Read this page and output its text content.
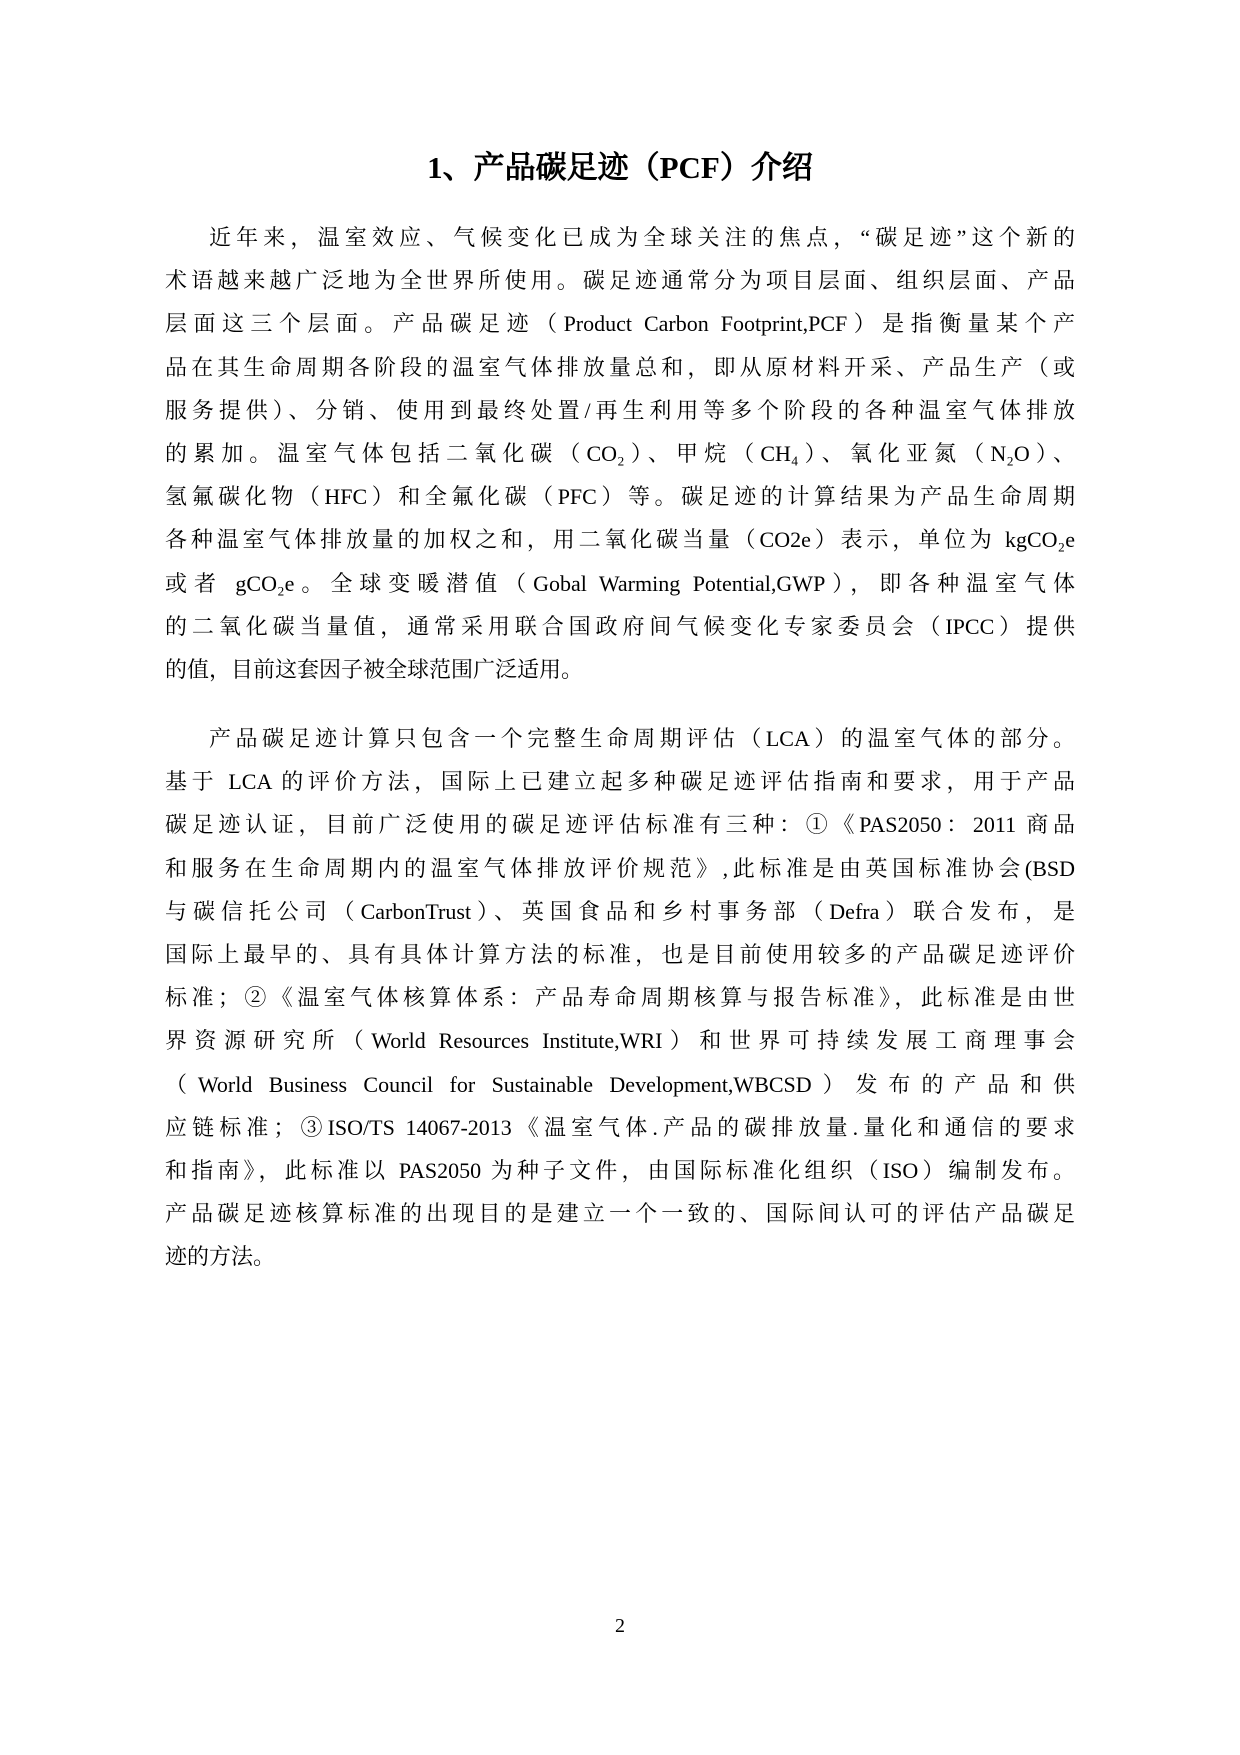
1、产品碳足迹（PCF）介绍
近年来，温室效应、气候变化已成为全球关注的焦点，“碳足迹”这个新的
术语越来越广泛地为全世界所使用。碳足迹通常分为项目层面、组织层面、产品
层面这三个层面。产品碳足迹（Product Carbon Footprint,PCF）是指衡量某个产
品在其生命周期各阶段的温室气体排放量总和，即从原材料开采、产品生产（或
服务提供）、分销、使用到最终处置/再生利用等多个阶段的各种温室气体排放
的累加。温室气体包括二氧化碳（CO₂）、甲烷（CH₄）、氧化亚氮（N₂O）、
氢氟碳化物（HFC）和全氟化碳（PFC）等。碳足迹的计算结果为产品生命周期
各种温室气体排放量的加权之和，用二氧化碳当量（CO2e）表示，单位为 kgCO₂e
或者 gCO₂e。全球变暖潜值（Gobal Warming Potential,GWP），即各种温室气体
的二氧化碳当量值，通常采用联合国政府间气候变化专家委员会（IPCC）提供
的值，目前这套因子被全球范围广泛适用。
产品碳足迹计算只包含一个完整生命周期评估（LCA）的温室气体的部分。
基于 LCA 的评价方法，国际上已建立起多种碳足迹评估指南和要求，用于产品
碳足迹认证，目前广泛使用的碳足迹评估标准有三种：①《PAS2050：2011 商品
和服务在生命周期内的温室气体排放评价规范》,此标准是由英国标准协会(BSD
与碳信托公司（CarbonTrust）、英国食品和乡村事务部（Defra）联合发布，是
国际上最早的、具有具体计算方法的标准，也是目前使用较多的产品碳足迹评价
标准；②《温室气体核算体系：产品寿命周期核算与报告标准》，此标准是由世
界资源研究所（World Resources Institute,WRI）和世界可持续发展工商理事会
（World Business Council for Sustainable Development,WBCSD）发布的产品和供
应链标准；③ISO/TS 14067-2013《温室气体.产品的碳排放量.量化和通信的要求
和指南》，此标准以 PAS2050 为种子文件，由国际标准化组织（ISO）编制发布。
产品碳足迹核算标准的出现目的是建立一个一致的、国际间认可的评估产品碳足
迹的方法。
2
